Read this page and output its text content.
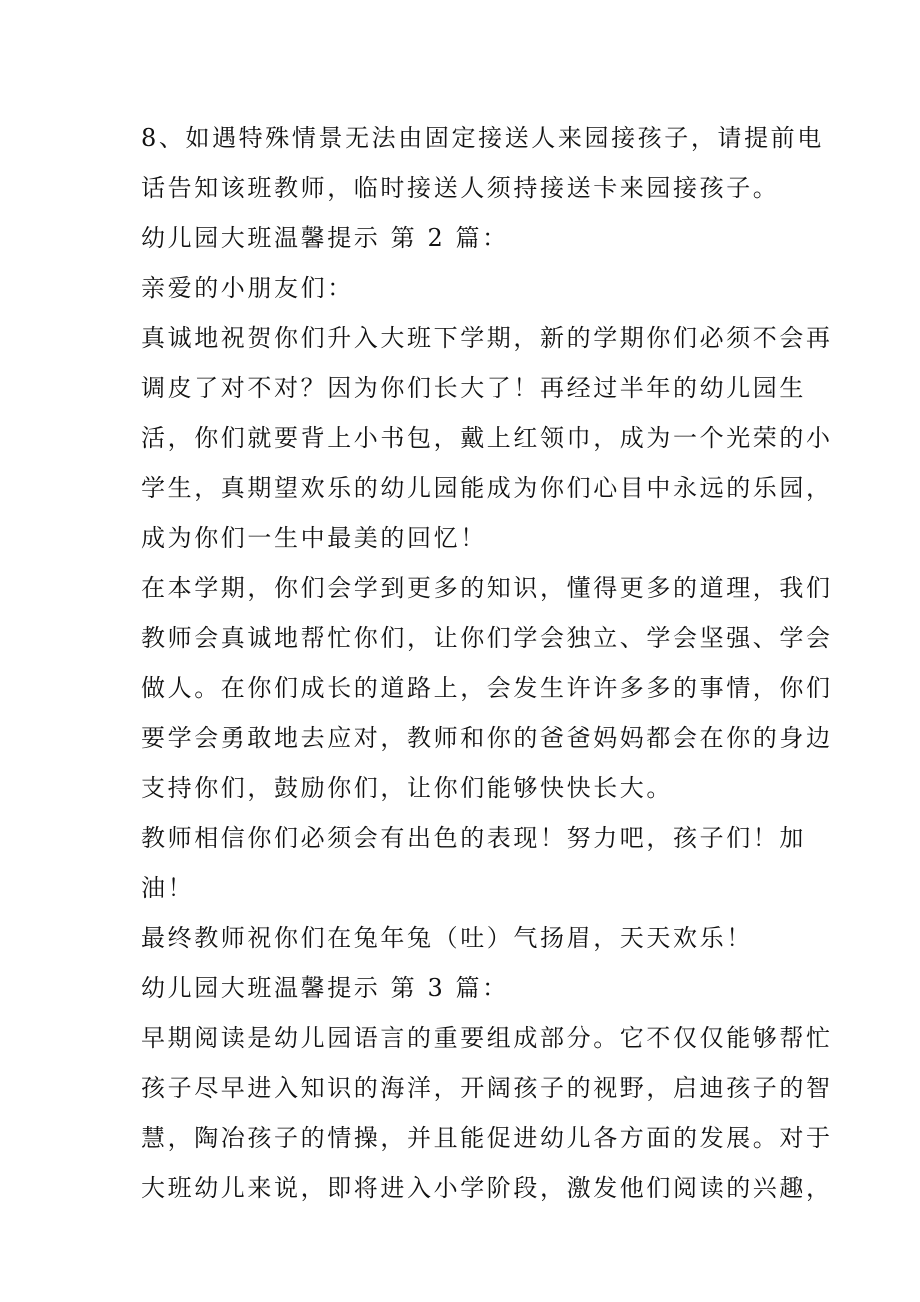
8、如遇特殊情景无法由固定接送人来园接孩子，请提前电
话告知该班教师，临时接送人须持接送卡来园接孩子。
幼儿园大班温馨提示 第 2 篇：
亲爱的小朋友们：
真诚地祝贺你们升入大班下学期，新的学期你们必须不会再
调皮了对不对？因为你们长大了！再经过半年的幼儿园生
活，你们就要背上小书包，戴上红领巾，成为一个光荣的小
学生，真期望欢乐的幼儿园能成为你们心目中永远的乐园，
成为你们一生中最美的回忆！
在本学期，你们会学到更多的知识，懂得更多的道理，我们
教师会真诚地帮忙你们，让你们学会独立、学会坚强、学会
做人。在你们成长的道路上，会发生许许多多的事情，你们
要学会勇敢地去应对，教师和你的爸爸妈妈都会在你的身边
支持你们，鼓励你们，让你们能够快快长大。
教师相信你们必须会有出色的表现！努力吧，孩子们！加
油！
最终教师祝你们在兔年兔（吐）气扬眉，天天欢乐！
幼儿园大班温馨提示 第 3 篇：
早期阅读是幼儿园语言的重要组成部分。它不仅仅能够帮忙
孩子尽早进入知识的海洋，开阔孩子的视野，启迪孩子的智
慧，陶冶孩子的情操，并且能促进幼儿各方面的发展。对于
大班幼儿来说，即将进入小学阶段，激发他们阅读的兴趣，
